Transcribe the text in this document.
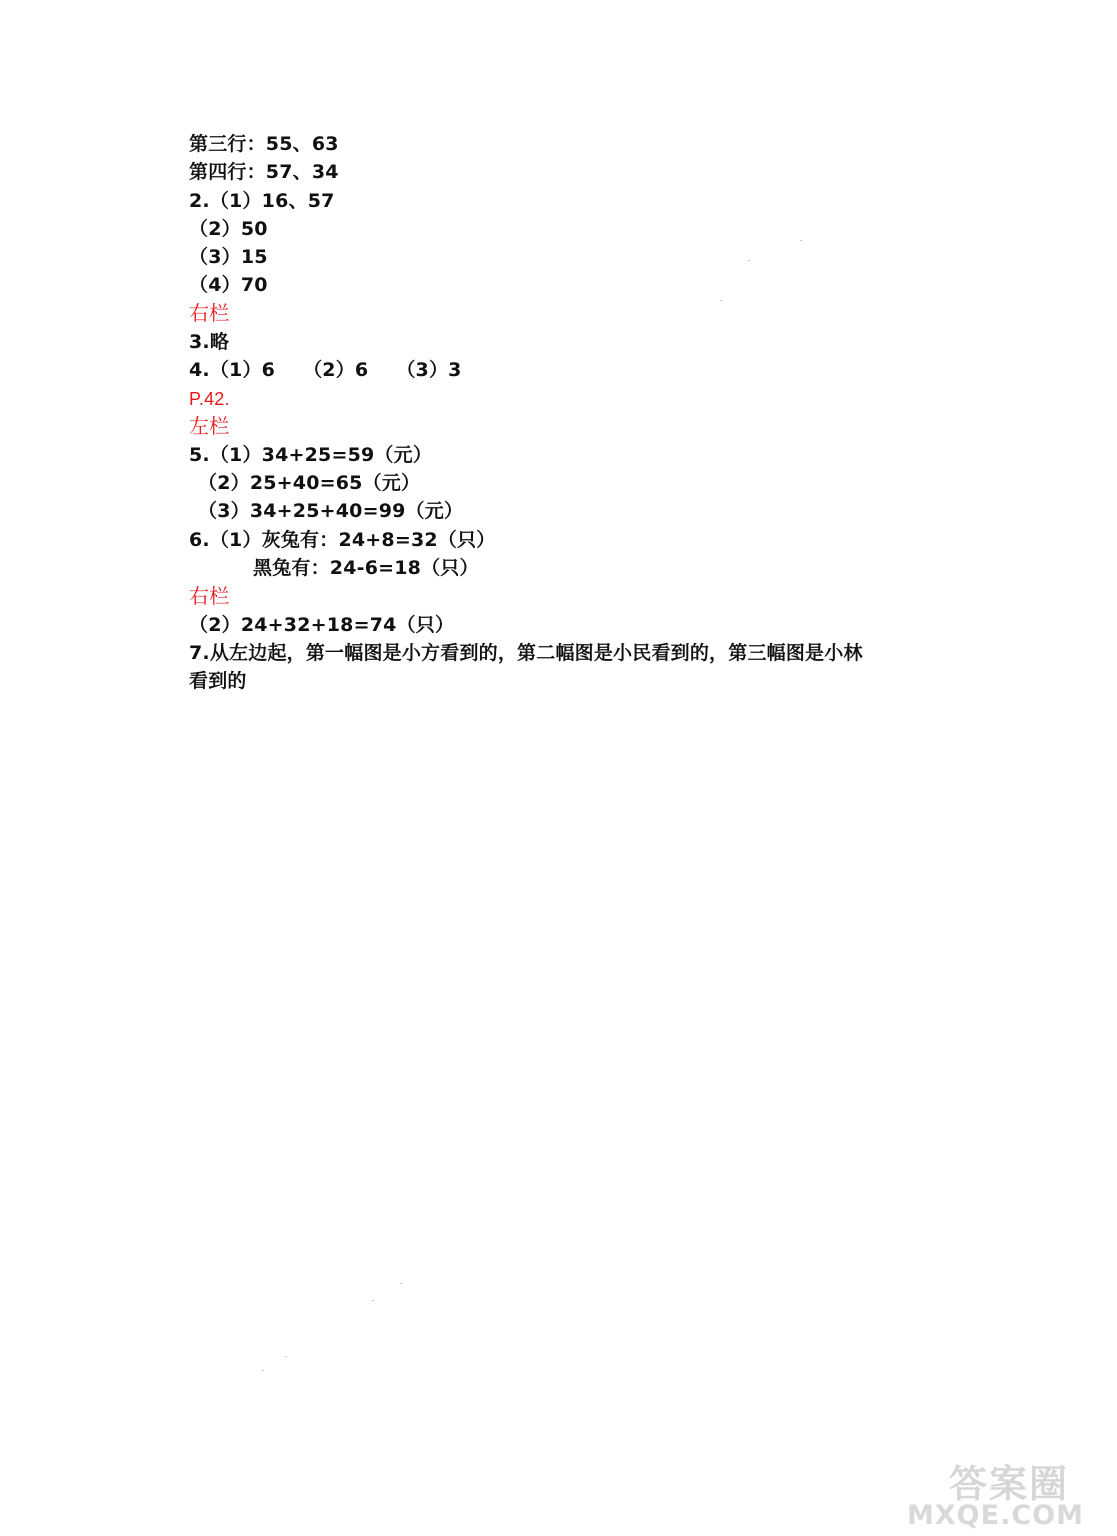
第三行：55、63
第四行：57、34
2.（1）16、57
（2）50
（3）15
（4）70
右栏
3.略
4.（1）6 （2）6 （3）3
P.42.
左栏
5.（1）34+25=59（元）
（2）25+40=65（元）
（3）34+25+40=99（元）
6.（1）灰兔有：24+8=32（只）
黑兔有：24-6=18（只）
右栏
（2）24+32+18=74（只）
7.从左边起，第一幅图是小方看到的，第二幅图是小民看到的，第三幅图是小林
看到的
答案圈
MXQE.COM
